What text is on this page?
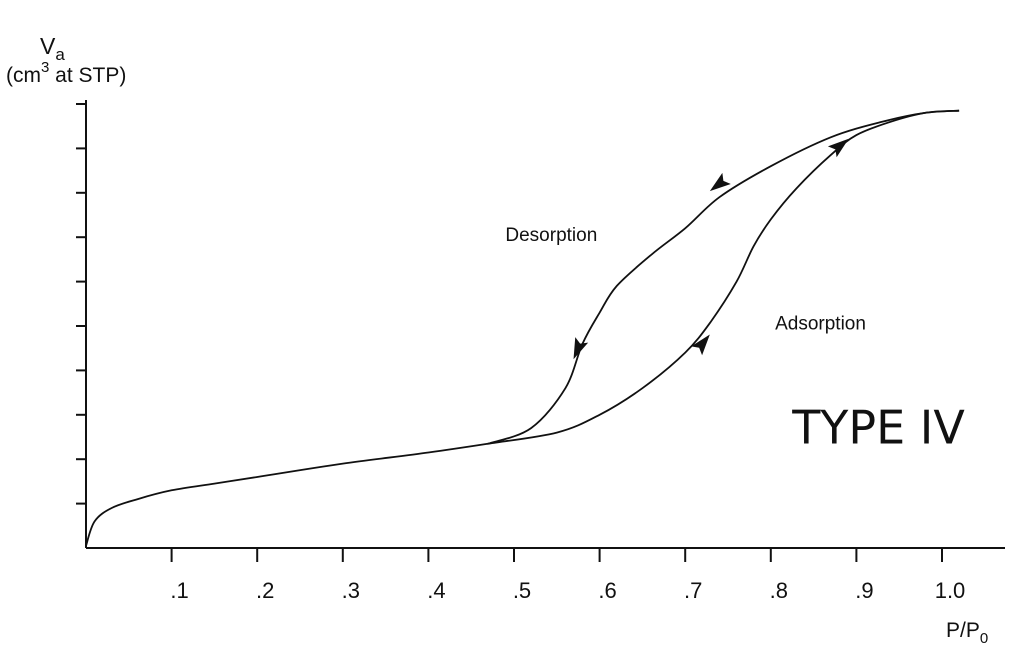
.1	.2	.3	.4	.5	.6	.7	.8	.9	1.0
$V_a$
($cm^3$ at STP)
$P/P_0$
Desorption
Adsorption
TYPE IV
